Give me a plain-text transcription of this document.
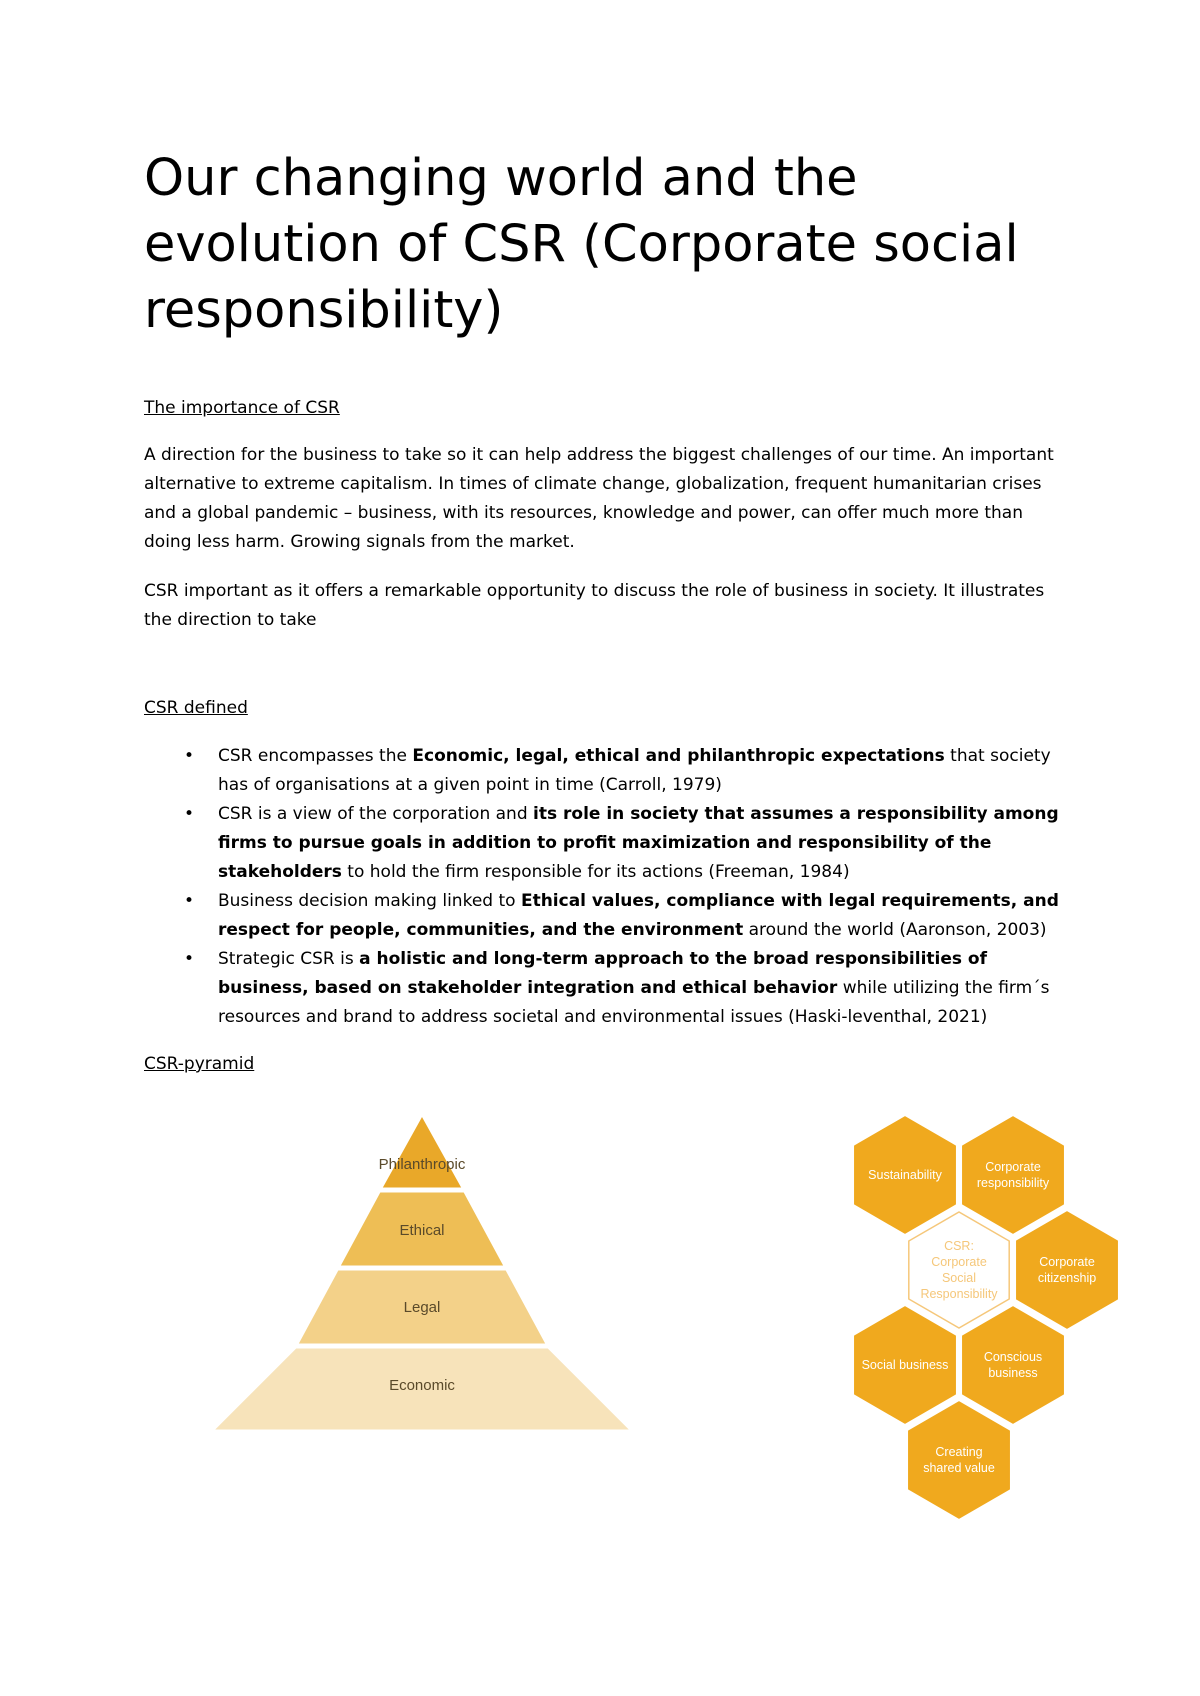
Our changing world and the evolution of CSR (Corporate social responsibility)

The importance of CSR

A direction for the business to take so it can help address the biggest challenges of our time. An important alternative to extreme capitalism. In times of climate change, globalization, frequent humanitarian crises and a global pandemic – business, with its resources, knowledge and power, can offer much more than doing less harm. Growing signals from the market.

CSR important as it offers a remarkable opportunity to discuss the role of business in society. It illustrates the direction to take

CSR defined

• CSR encompasses the Economic, legal, ethical and philanthropic expectations that society has of organisations at a given point in time (Carroll, 1979)
• CSR is a view of the corporation and its role in society that assumes a responsibility among firms to pursue goals in addition to profit maximization and responsibility of the stakeholders to hold the firm responsible for its actions (Freeman, 1984)
• Business decision making linked to Ethical values, compliance with legal requirements, and respect for people, communities, and the environment around the world (Aaronson, 2003)
• Strategic CSR is a holistic and long-term approach to the broad responsibilities of business, based on stakeholder integration and ethical behavior while utilizing the firm´s resources and brand to address societal and environmental issues (Haski-leventhal, 2021)

CSR-pyramid

Philanthropic
Ethical
Legal
Economic
CSR:
Corporate
Social
Responsibility
Sustainability
Corporate
responsibility
Corporate
citizenship
Social business
Conscious
business
Creating
shared value
